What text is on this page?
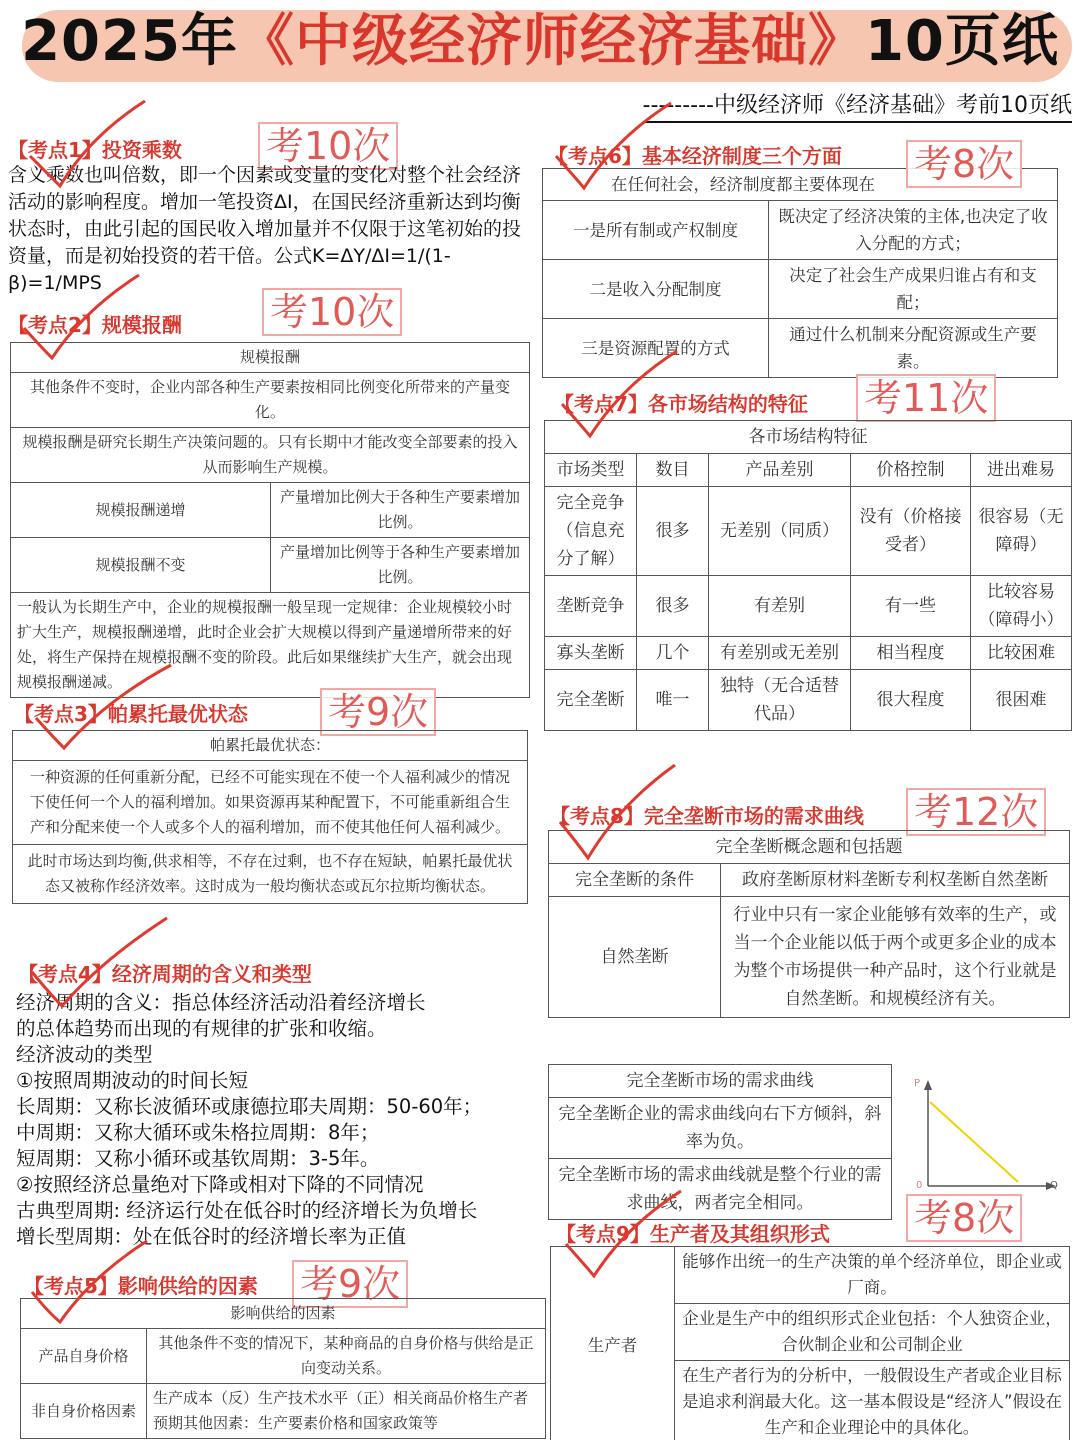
2025年《中级经济师经济基础》10页纸
---------中级经济师《经济基础》考前10页纸
【考点1】投资乘数 考10次
含义乘数也叫倍数，即一个因素或变量的变化对整个社会经济活动的影响程度。增加一笔投资ΔI，在国民经济重新达到均衡状态时，由此引起的国民收入增加量并不仅限于这笔初始的投资量，而是初始投资的若干倍。公式K=ΔY/ΔI=1/(1-β)=1/MPS
【考点2】规模报酬 考10次
规模报酬	
其他条件不变时，企业内部各种生产要素按相同比例变化所带来的产量变化。	
规模报酬是研究长期生产决策问题的。只有长期中才能改变全部要素的投入从而影响生产规模。	
规模报酬递增	产量增加比例大于各种生产要素增加比例。
规模报酬不变	产量增加比例等于各种生产要素增加比例。
一般认为长期生产中，企业的规模报酬一般呈现一定规律：企业规模较小时扩大生产，规模报酬递增，此时企业会扩大规模以得到产量递增所带来的好处，将生产保持在规模报酬不变的阶段。此后如果继续扩大生产，就会出现规模报酬递减。	
【考点3】帕累托最优状态 考9次
帕累托最优状态：
一种资源的任何重新分配，已经不可能实现在不使一个人福利减少的情况下使任何一个人的福利增加。如果资源再某种配置下，不可能重新组合生产和分配来使一个人或多个人的福利增加，而不使其他任何人福利减少。
此时市场达到均衡,供求相等，不存在过剩，也不存在短缺，帕累托最优状态又被称作经济效率。这时成为一般均衡状态或瓦尔拉斯均衡状态。
【考点4】经济周期的含义和类型
经济周期的含义：指总体经济活动沿着经济增长
的总体趋势而出现的有规律的扩张和收缩。
经济波动的类型
①按照周期波动的时间长短
长周期：又称长波循环或康德拉耶夫周期：50-60年；
中周期：又称大循环或朱格拉周期：8年；
短周期：又称小循环或基钦周期：3-5年。
②按照经济总量绝对下降或相对下降的不同情况
古典型周期: 经济运行处在低谷时的经济增长为负增长
增长型周期：处在低谷时的经济增长率为正值
【考点5】影响供给的因素 考9次
影响供给的因素	
产品自身价格	其他条件不变的情况下，某种商品的自身价格与供给是正向变动关系。
非自身价格因素	生产成本（反）生产技术水平（正）相关商品价格生产者预期其他因素：生产要素价格和国家政策等
【考点6】基本经济制度三个方面
在任何社会，经济制度都主要体现在	
一是所有制或产权制度	既决定了经济决策的主体,也决定了收入分配的方式；
二是收入分配制度	决定了社会生产成果归谁占有和支配；
三是资源配置的方式	通过什么机制来分配资源或生产要素。
考8次
【考点7】各市场结构的特征 考11次
各市场结构特征				
市场类型	数目	产品差别	价格控制	进出难易
完全竞争（信息充分了解）	很多	无差别（同质）	没有（价格接受者）	很容易（无障碍）
垄断竞争	很多	有差别	有一些	比较容易（障碍小）
寡头垄断	几个	有差别或无差别	相当程度	比较困难
完全垄断	唯一	独特（无合适替代品）	很大程度	很困难
【考点8】完全垄断市场的需求曲线 考12次
完全垄断概念题和包括题	
完全垄断的条件	政府垄断原材料垄断专利权垄断自然垄断
自然垄断	行业中只有一家企业能够有效率的生产，或当一个企业能以低于两个或更多企业的成本为整个市场提供一种产品时，这个行业就是自然垄断。和规模经济有关。
完全垄断市场的需求曲线
完全垄断企业的需求曲线向右下方倾斜，斜率为负。
完全垄断市场的需求曲线就是整个行业的需求曲线，两者完全相同。
P
Q
0
考8次
【考点9】生产者及其组织形式
生产者	能够作出统一的生产决策的单个经济单位，即企业或厂商。
企业是生产中的组织形式企业包括：个人独资企业，合伙制企业和公司制企业
在生产者行为的分析中，一般假设生产者或企业目标是追求利润最大化。这一基本假设是“经济人”假设在生产和企业理论中的具体化。
